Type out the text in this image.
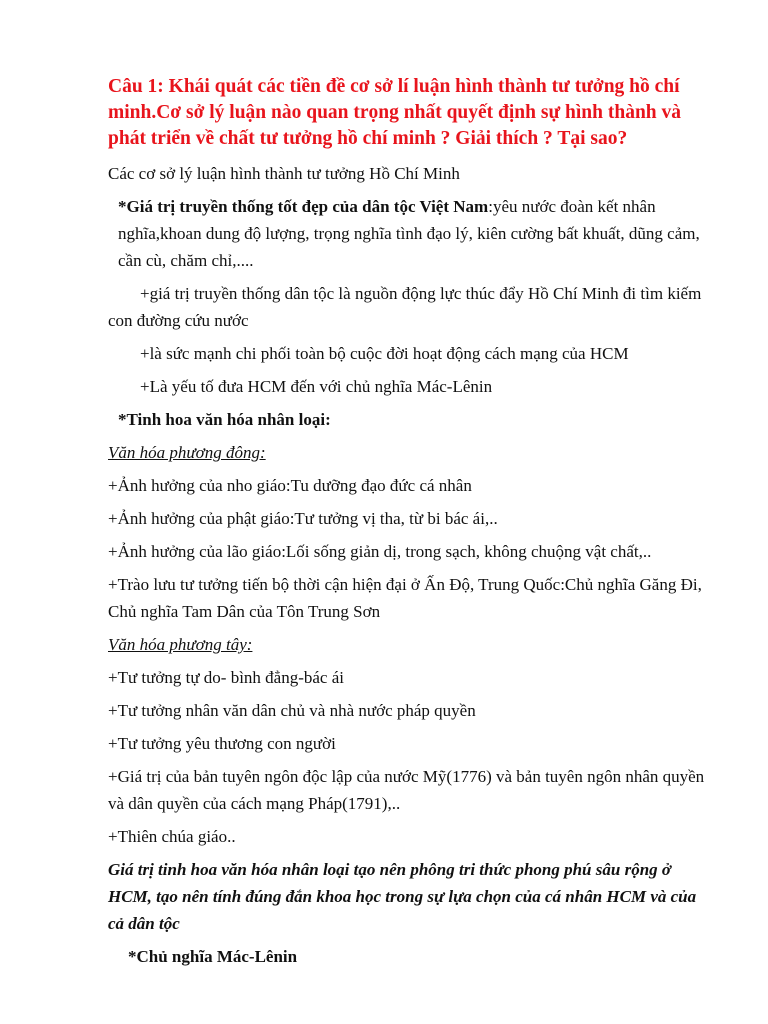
Câu 1: Khái quát các tiền đề cơ sở lí luận hình thành tư tưởng hồ chí minh.Cơ sở lý luận nào quan trọng nhất quyết định sự hình thành và phát triển về chất tư tưởng hồ chí minh ? Giải thích ? Tại sao?

Các cơ sở lý luận hình thành tư tưởng Hồ Chí Minh

*Giá trị truyền thống tốt đẹp của dân tộc Việt Nam:yêu nước đoàn kết nhân nghĩa,khoan dung độ lượng, trọng nghĩa tình đạo lý, kiên cường bất khuất, dũng cảm, cần cù, chăm chỉ,....

+giá trị truyền thống dân tộc là nguồn động lực thúc đẩy Hồ Chí Minh đi tìm kiếm con đường cứu nước

+là sức mạnh chi phối toàn bộ cuộc đời hoạt động cách mạng của HCM

+Là yếu tố đưa HCM đến với chủ nghĩa Mác-Lênin

*Tinh hoa văn hóa nhân loại:

Văn hóa phương đông:

+Ảnh hưởng của nho giáo:Tu dưỡng đạo đức cá nhân

+Ảnh hưởng của phật giáo:Tư tưởng vị tha, từ bi bác ái,..

+Ảnh hưởng của lão giáo:Lối sống giản dị, trong sạch, không chuộng vật chất,..

+Trào lưu tư tưởng tiến bộ thời cận hiện đại ở Ấn Độ, Trung Quốc:Chủ nghĩa Găng Đi, Chủ nghĩa Tam Dân của Tôn Trung Sơn

Văn hóa phương tây:

+Tư tưởng tự do- bình đẳng-bác ái

+Tư tưởng nhân văn dân chủ và nhà nước pháp quyền

+Tư tưởng yêu thương con người

+Giá trị của bản tuyên ngôn độc lập của nước Mỹ(1776) và bản tuyên ngôn nhân quyền và dân quyền của cách mạng Pháp(1791),..

+Thiên chúa giáo..

Giá trị tinh hoa văn hóa nhân loại tạo nên phông tri thức phong phú sâu rộng ở HCM, tạo nên tính đúng đắn khoa học trong sự lựa chọn của cá nhân HCM và của cả dân tộc

*Chủ nghĩa Mác-Lênin
